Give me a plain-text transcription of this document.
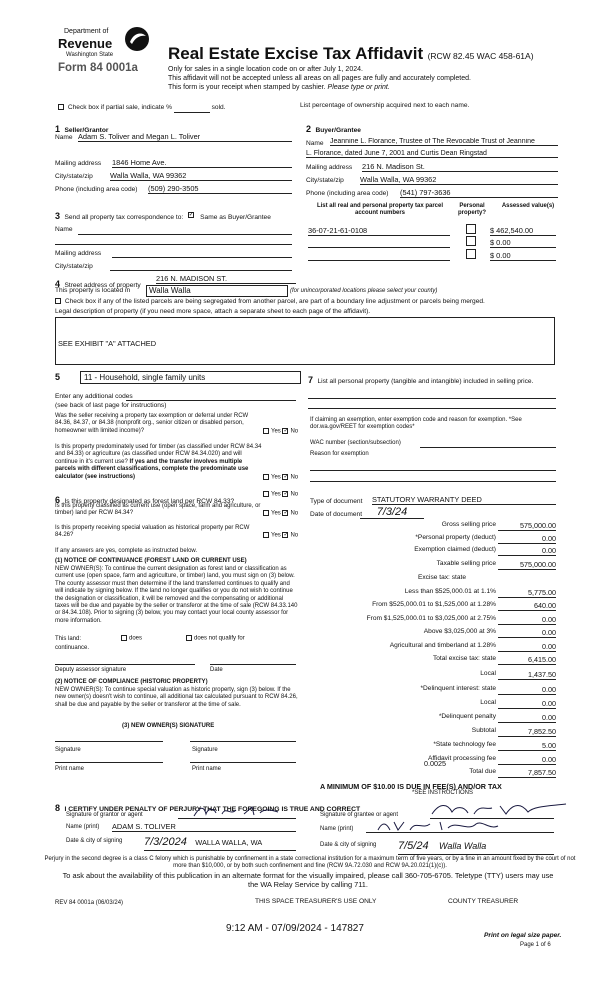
Department of
Revenue
Washington State
Form 84 0001a
Real Estate Excise Tax Affidavit (RCW 82.45 WAC 458-61A)
Only for sales in a single location code on or after July 1, 2024.
This affidavit will not be accepted unless all areas on all pages are fully and accurately completed.
This form is your receipt when stamped by cashier. Please type or print.
Check box if partial sale, indicate %	sold.	List percentage of ownership acquired next to each name.
1 Seller/Grantor
Name Adam S. Toliver and Megan L. Toliver
Mailing address 1846 Home Ave.
City/state/zip Walla Walla, WA 99362
Phone (including area code) (509) 290-3505
2 Buyer/Grantee
Name Jeannine L. Florance, Trustee of The Revocable Trust of Jeannine
L. Florance, dated June 7, 2001 and Curtis Dean Ringstad
Mailing address 216 N. Madison St.
City/state/zip Walla Walla, WA 99362
Phone (including area code) (541) 797-3636
3 Send all property tax correspondence to: ✓ Same as Buyer/Grantee
Name
Mailing address
City/state/zip
List all real and personal property tax parcel account numbers
Personal property?
Assessed value(s)
36-07-21-61-0108	$ 462,540.00
$ 0.00
$ 0.00
4 Street address of property
216 N. MADISON ST.
This property is located in	Walla Walla	(for unincorporated locations please select your county)
Check box if any of the listed parcels are being segregated from another parcel, are part of a boundary line adjustment or parcels being merged.
Legal description of property (if you need more space, attach a separate sheet to each page of the affidavit).
SEE EXHIBIT "A" ATTACHED
5	11 - Household, single family units
Enter any additional codes
(see back of last page for instructions)
Was the seller receiving a property tax exemption or deferral under RCW 84.36, 84.37, or 84.38 (nonprofit org., senior citizen or disabled person, homeowner with limited income)?	Yes ✓ No
Is this property predominately used for timber (as classified under RCW 84.34 and 84.33) or agriculture (as classified under RCW 84.34.020) and will continue in it's current use? If yes and the transfer involves multiple parcels with different classifications, complete the predominate use calculator (see instructions)	Yes ✓ No
6 Is this property designated as forest land per RCW 84.33?
Yes ✓ No
Is this property classified as current use (open space, farm and agriculture, or timber) land per RCW 84.34?	Yes ✓ No
Is this property receiving special valuation as historical property per RCW 84.26?	Yes ✓ No
If any answers are yes, complete as instructed below.
(1) NOTICE OF CONTINUANCE (FOREST LAND OR CURRENT USE)
NEW OWNER(S): To continue the current designation as forest land or classification as current use (open space, farm and agriculture, or timber) land, you must sign on (3) below. The county assessor must then determine if the land transferred continues to qualify and will indicate by signing below. If the land no longer qualifies or you do not wish to continue the designation or classification, it will be removed and the compensating or additional taxes will be due and payable by the seller or transferor at the time of sale (RCW 84.33.140 or 84.34.108). Prior to signing (3) below, you may contact your local county assessor for more information.
This land:	does	does not qualify for
continuance.
Deputy assessor signature	Date
(2) NOTICE OF COMPLIANCE (HISTORIC PROPERTY)
NEW OWNER(S): To continue special valuation as historic property, sign (3) below. If the new owner(s) doesn't wish to continue, all additional tax calculated pursuant to RCW 84.26, shall be due and payable by the seller or transferor at the time of sale.
(3) NEW OWNER(S) SIGNATURE
Signature	Signature
Print name	Print name
7 List all personal property (tangible and intangible) included in selling price.
If claiming an exemption, enter exemption code and reason for exemption. *See dor.wa.gov/REET for exemption codes*
WAC number (section/subsection)
Reason for exemption
Type of document STATUTORY WARRANTY DEED
Date of document	7/3/24
Gross selling price	575,000.00
*Personal property (deduct)	0.00
Exemption claimed (deduct)	0.00
Taxable selling price	575,000.00
Excise tax: state
Less than $525,000.01 at 1.1%	5,775.00
From $525,000.01 to $1,525,000 at 1.28%	640.00
From $1,525,000.01 to $3,025,000 at 2.75%	0.00
Above $3,025,000 at 3%	0.00
Agricultural and timberland at 1.28%	0.00
Total excise tax: state	6,415.00
Local	1,437.50
*Delinquent interest: state	0.00
Local	0.00
*Delinquent penalty	0.00
Subtotal	7,852.50
*State technology fee	5.00
Affidavit processing fee	0.00
Total due	7,857.50
0.0025
A MINIMUM OF $10.00 IS DUE IN FEE(S) AND/OR TAX
*SEE INSTRUCTIONS
8 I CERTIFY UNDER PENALTY OF PERJURY THAT THE FOREGOING IS TRUE AND CORRECT
Signature of grantor or agent
Name (print) ADAM S. TOLIVER
Date & city of signing 7/3/2024 WALLA WALLA, WA
Signature of grantee or agent
Name (print)
Date & city of signing 7/5/24 Walla Walla
Perjury in the second degree is a class C felony which is punishable by confinement in a state correctional institution for a maximum term of five years, or by a fine in an amount fixed by the court of not more than $10,000, or by both such confinement and fine (RCW 9A.72.030 and RCW 9A.20.021(1)(c)).
To ask about the availability of this publication in an alternate format for the visually impaired, please call 360-705-6705. Teletype (TTY) users may use the WA Relay Service by calling 711.
REV 84 0001a (06/03/24)	THIS SPACE TREASURER'S USE ONLY	COUNTY TREASURER
9:12 AM - 07/09/2024 - 147827
Print on legal size paper.
Page 1 of 6
